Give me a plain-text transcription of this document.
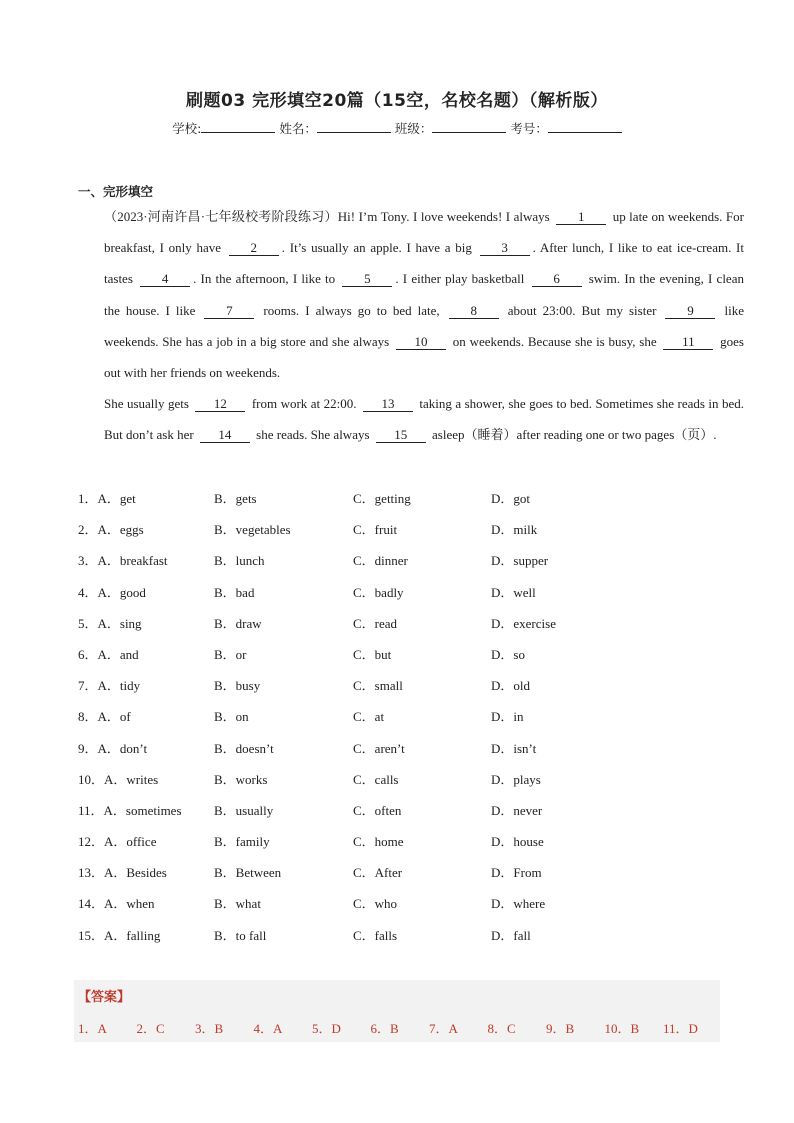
刷题03 完形填空20篇（15空，名校名题）（解析版）
学校:	姓名：	班级：	考号：
一、完形填空
（2023·河南许昌·七年级校考阶段练习）Hi! I’m Tony. I love weekends! I always 1 up late on weekends. For breakfast, I only have 2 . It’s usually an apple. I have a big 3 . After lunch, I like to eat ice-cream. It tastes 4 . In the afternoon, I like to 5 . I either play basketball 6 swim. In the evening, I clean the house. I like 7 rooms. I always go to bed late, 8 about 23:00. But my sister 9 like weekends. She has a job in a big store and she always 10 on weekends. Because she is busy, she 11 goes out with her friends on weekends.
She usually gets 12 from work at 22:00. 13 taking a shower, she goes to bed. Sometimes she reads in bed. But don’t ask her 14 she reads. She always 15 asleep（睡着）after reading one or two pages（页）.
1．A．get	B．gets	C．getting	D．got
2．A．eggs	B．vegetables	C．fruit	D．milk
3．A．breakfast	B．lunch	C．dinner	D．supper
4．A．good	B．bad	C．badly	D．well
5．A．sing	B．draw	C．read	D．exercise
6．A．and	B．or	C．but	D．so
7．A．tidy	B．busy	C．small	D．old
8．A．of	B．on	C．at	D．in
9．A．don’t	B．doesn’t	C．aren’t	D．isn’t
10．A．writes	B．works	C．calls	D．plays
11．A．sometimes B．usually	C．often	D．never
12．A．office	B．family	C．home	D．house
13．A．Besides	B．Between	C．After	D．From
14．A．when	B．what	C．who	D．where
15．A．falling	B．to fall	C．falls	D．fall
【答案】
1．A 2．C 3．B 4．A 5．D 6．B 7．A 8．C 9．B 10．B 11．D
